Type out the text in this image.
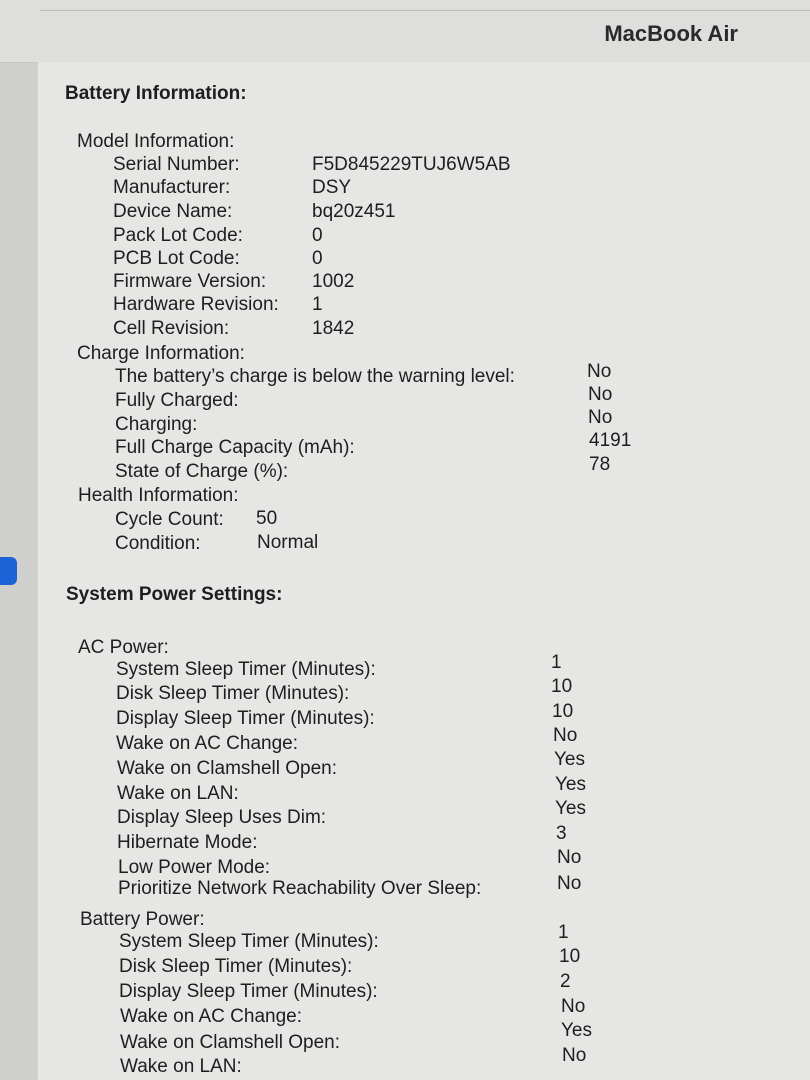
MacBook Air
Battery Information:
Model Information:
Serial Number:	F5D845229TUJ6W5AB
Manufacturer:	DSY
Device Name:	bq20z451
Pack Lot Code:	0
PCB Lot Code:	0
Firmware Version: 1002
Hardware Revision: 1
Cell Revision:	1842
Charge Information:
The battery’s charge is below the warning level:	No
Fully Charged:	No
Charging:	No
Full Charge Capacity (mAh):	4191
State of Charge (%):	78
Health Information:
Cycle Count: 50
Condition:	Normal
System Power Settings:
AC Power:
System Sleep Timer (Minutes):	1
Disk Sleep Timer (Minutes):	10
Display Sleep Timer (Minutes):	10
Wake on AC Change:	No
Wake on Clamshell Open:	Yes
Wake on LAN:	Yes
Display Sleep Uses Dim:	Yes
Hibernate Mode:	3
Low Power Mode:	No
Prioritize Network Reachability Over Sleep:	No
Battery Power:
System Sleep Timer (Minutes):	1
Disk Sleep Timer (Minutes):	10
Display Sleep Timer (Minutes):	2
Wake on AC Change:	No
Wake on Clamshell Open:
Yes
Wake on LAN:
No
